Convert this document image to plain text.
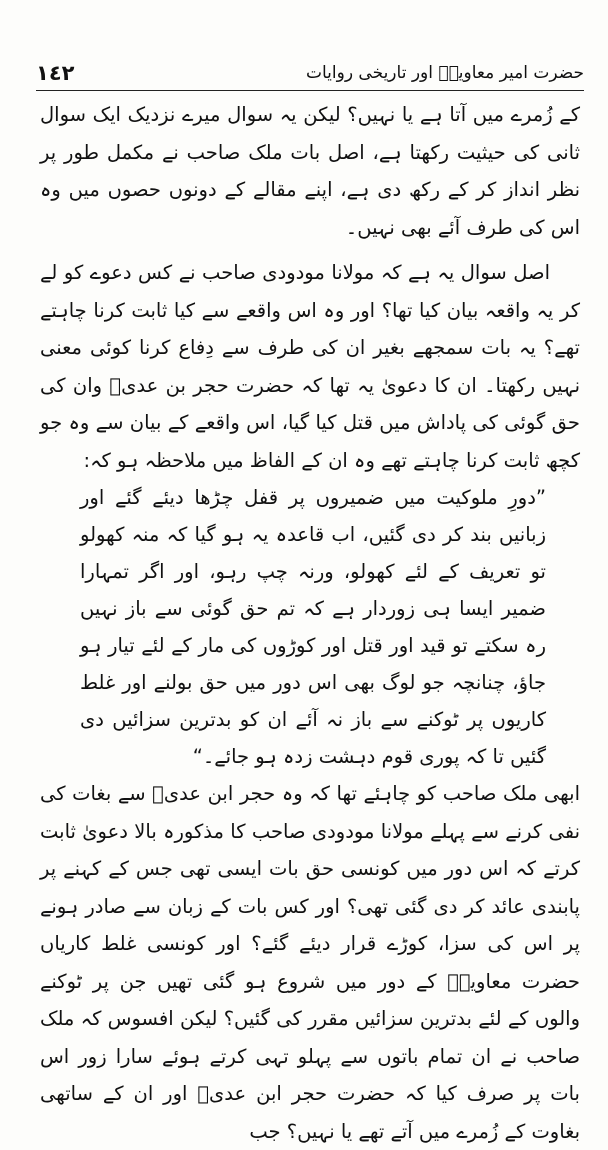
١٤٢	حضرت امیر معاویہؓ اور تاریخی روایات

کے زُمرے میں آتا ہے یا نہیں؟ لیکن یہ سوال میرے نزدیک ایک سوال ثانی کی حیثیت رکھتا ہے، اصل بات ملک صاحب نے مکمل طور پر نظر انداز کر کے رکھ دی ہے، اپنے مقالے کے دونوں حصوں میں وہ اس کی طرف آئے بھی نہیں۔

اصل سوال یہ ہے کہ مولانا مودودی صاحب نے کس دعوے کو لے کر یہ واقعہ بیان کیا تھا؟ اور وہ اس واقعے سے کیا ثابت کرنا چاہتے تھے؟ یہ بات سمجھے بغیر ان کی طرف سے دِفاع کرنا کوئی معنی نہیں رکھتا۔ ان کا دعویٰ یہ تھا کہ حضرت حجر بن عدیؓ وان کی حق گوئی کی پاداش میں قتل کیا گیا، اس واقعے کے بیان سے وہ جو کچھ ثابت کرنا چاہتے تھے وہ ان کے الفاظ میں ملاحظہ ہو کہ:

”دورِ ملوکیت میں ضمیروں پر قفل چڑھا دیئے گئے اور زبانیں بند کر دی گئیں، اب قاعدہ یہ ہو گیا کہ منہ کھولو تو تعریف کے لئے کھولو، ورنہ چپ رہو، اور اگر تمہارا ضمیر ایسا ہی زوردار ہے کہ تم حق گوئی سے باز نہیں رہ سکتے تو قید اور قتل اور کوڑوں کی مار کے لئے تیار ہو جاؤ، چنانچہ جو لوگ بھی اس دور میں حق بولنے اور غلط کاریوں پر ٹوکنے سے باز نہ آئے ان کو بدترین سزائیں دی گئیں تا کہ پوری قوم دہشت زدہ ہو جائے۔“

ابھی ملک صاحب کو چاہئے تھا کہ وہ حجر ابن عدیؓ سے بغات کی نفی کرنے سے پہلے مولانا مودودی صاحب کا مذکورہ بالا دعویٰ ثابت کرتے کہ اس دور میں کونسی حق بات ایسی تھی جس کے کہنے پر پابندی عائد کر دی گئی تھی؟ اور کس بات کے زبان سے صادر ہونے پر اس کی سزا، کوڑے قرار دیئے گئے؟ اور کونسی غلط کاریاں حضرت معاویہؓ کے دور میں شروع ہو گئی تھیں جن پر ٹوکنے والوں کے لئے بدترین سزائیں مقرر کی گئیں؟ لیکن افسوس کہ ملک صاحب نے ان تمام باتوں سے پہلو تہی کرتے ہوئے سارا زور اس بات پر صرف کیا کہ حضرت حجر ابن عدیؓ اور ان کے ساتھی بغاوت کے زُمرے میں آتے تھے یا نہیں؟ جب
